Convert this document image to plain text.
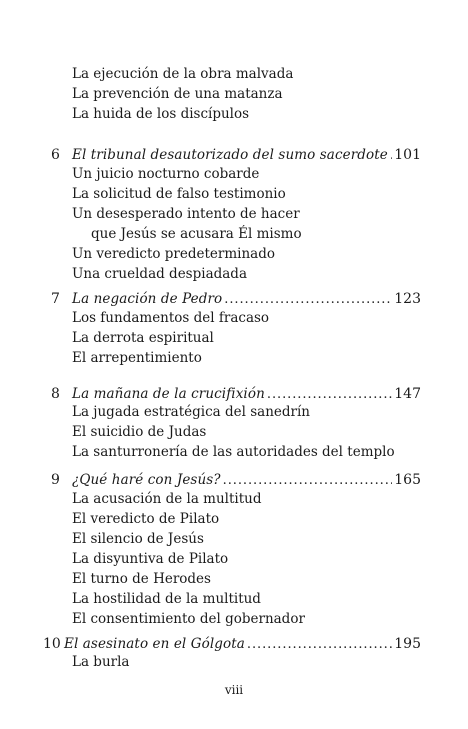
La ejecución de la obra malvada
La prevención de una matanza
La huida de los discípulos
6 El tribunal desautorizado del sumo sacerdote . . . 101
Un juicio nocturno cobarde
La solicitud de falso testimonio
Un desesperado intento de hacer
que Jesús se acusara Él mismo
Un veredicto predeterminado
Una crueldad despiadada
7 La negación de Pedro . . .	123
Los fundamentos del fracaso
La derrota espiritual
El arrepentimiento
8 La mañana de la crucifixión . . .	147
La jugada estratégica del sanedrín
El suicidio de Judas
La santurronería de las autoridades del templo
9 ¿Qué haré con Jesús? . . .	165
La acusación de la multitud
El veredicto de Pilato
El silencio de Jesús
La disyuntiva de Pilato
El turno de Herodes
La hostilidad de la multitud
El consentimiento del gobernador
10 El asesinato en el Gólgota . . .	195
La burla
viii
